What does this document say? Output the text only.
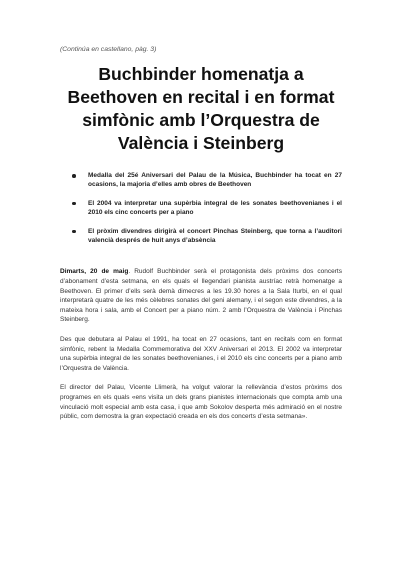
(Continúa en castellano, pàg. 3)

Buchbinder homenatja a Beethoven en recital i en format simfònic amb l’Orquestra de València i Steinberg
Medalla del 25é Aniversari del Palau de la Música, Buchbinder ha tocat en 27 ocasions, la majoria d’elles amb obres de Beethoven
El 2004 va interpretar una supèrbia integral de les sonates beethovenianes i el 2010 els cinc concerts per a piano
El pròxim divendres dirigirà el concert Pinchas Steinberg, que torna a l’auditori valencià després de huit anys d’absència

Dimarts, 20 de maig. Rudolf Buchbinder serà el protagonista dels pròxims dos concerts d’abonament d’esta setmana, en els quals el llegendari pianista austríac retrà homenatge a Beethoven. El primer d’ells serà demà dimecres a les 19.30 hores a la Sala Iturbi, en el qual interpretarà quatre de les més cèlebres sonates del geni alemany, i el segon este divendres, a la mateixa hora i sala, amb el Concert per a piano núm. 2 amb l’Orquestra de València i Pinchas Steinberg.

Des que debutara al Palau el 1991, ha tocat en 27 ocasions, tant en recitals com en format simfònic, rebent la Medalla Commemorativa del XXV Aniversari el 2013. El 2002 va interpretar una supèrbia integral de les sonates beethovenianes, i el 2010 els cinc concerts per a piano amb l’Orquestra de València.

El director del Palau, Vicente Llimerà, ha volgut valorar la rellevància d’estos pròxims dos programes en els quals «ens visita un dels grans pianistes internacionals que compta amb una vinculació molt especial amb esta casa, i que amb Sokolov desperta més admiració en el nostre públic, com demostra la gran expectació creada en els dos concerts d’esta setmana».
